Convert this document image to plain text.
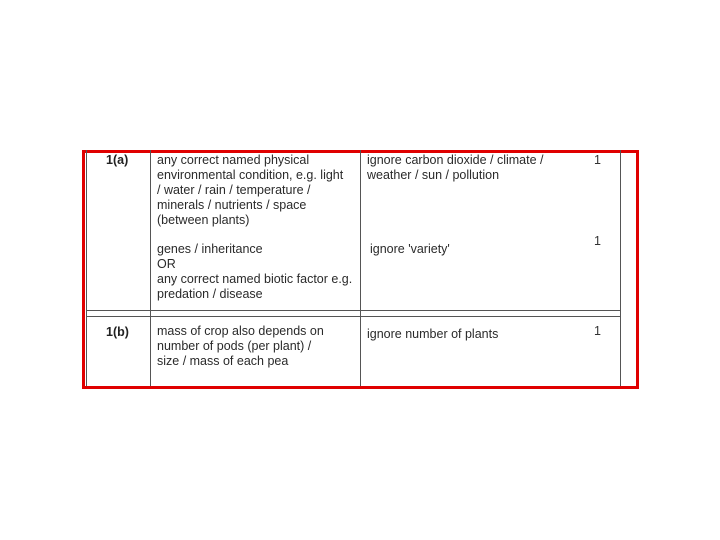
1(a) any correct named physical
environmental condition, e.g. light
/ water / rain / temperature /
minerals / nutrients / space
(between plants)
genes / inheritance
OR
any correct named biotic factor e.g.
predation / disease
ignore carbon dioxide / climate /
weather / sun / pollution
ignore 'variety'
1
1
1(b) mass of crop also depends on
number of pods (per plant) /
size / mass of each pea
ignore number of plants	1
